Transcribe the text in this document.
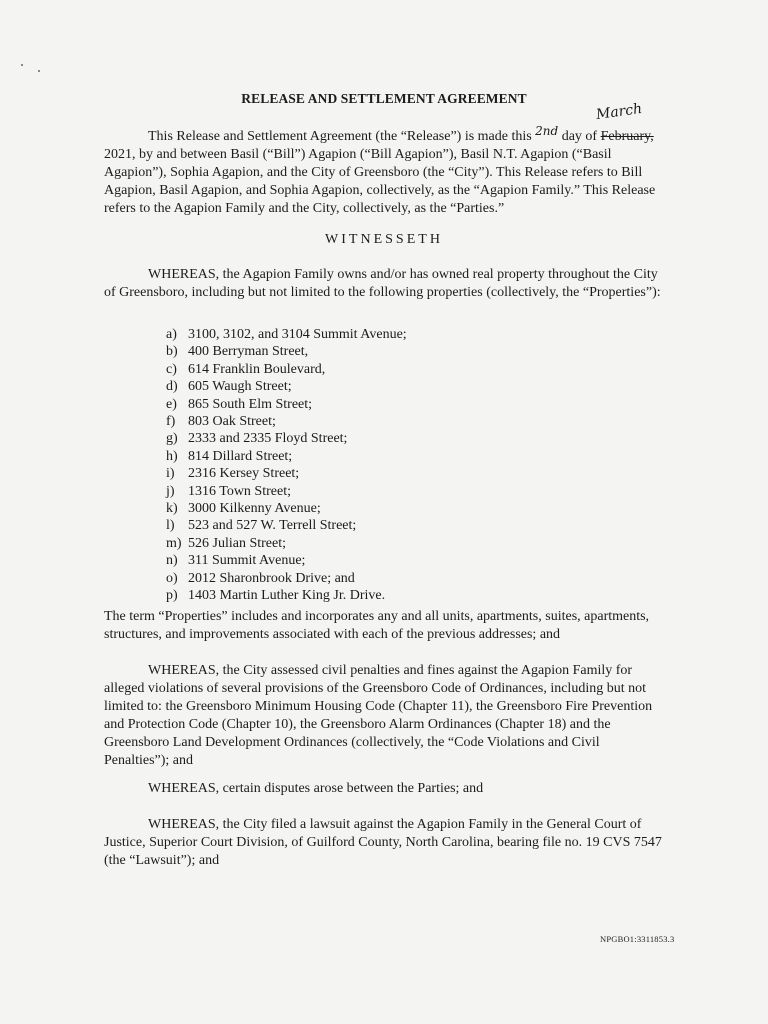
RELEASE AND SETTLEMENT AGREEMENT
March
This Release and Settlement Agreement (the “Release”) is made this 2nd day of February, 2021, by and between Basil (“Bill”) Agapion (“Bill Agapion”), Basil N.T. Agapion (“Basil Agapion”), Sophia Agapion, and the City of Greensboro (the “City”). This Release refers to Bill Agapion, Basil Agapion, and Sophia Agapion, collectively, as the “Agapion Family.” This Release refers to the Agapion Family and the City, collectively, as the “Parties.”
WITNESSETH
WHEREAS, the Agapion Family owns and/or has owned real property throughout the City of Greensboro, including but not limited to the following properties (collectively, the “Properties”):
a) 3100, 3102, and 3104 Summit Avenue;
b) 400 Berryman Street,
c) 614 Franklin Boulevard,
d) 605 Waugh Street;
e) 865 South Elm Street;
f) 803 Oak Street;
g) 2333 and 2335 Floyd Street;
h) 814 Dillard Street;
i) 2316 Kersey Street;
j) 1316 Town Street;
k) 3000 Kilkenny Avenue;
l) 523 and 527 W. Terrell Street;
m) 526 Julian Street;
n) 311 Summit Avenue;
o) 2012 Sharonbrook Drive; and
p) 1403 Martin Luther King Jr. Drive.
The term “Properties” includes and incorporates any and all units, apartments, suites, apartments, structures, and improvements associated with each of the previous addresses; and
WHEREAS, the City assessed civil penalties and fines against the Agapion Family for alleged violations of several provisions of the Greensboro Code of Ordinances, including but not limited to: the Greensboro Minimum Housing Code (Chapter 11), the Greensboro Fire Prevention and Protection Code (Chapter 10), the Greensboro Alarm Ordinances (Chapter 18) and the Greensboro Land Development Ordinances (collectively, the “Code Violations and Civil Penalties”); and
WHEREAS, certain disputes arose between the Parties; and
WHEREAS, the City filed a lawsuit against the Agapion Family in the General Court of Justice, Superior Court Division, of Guilford County, North Carolina, bearing file no. 19 CVS 7547 (the “Lawsuit”); and
NPGBO1:3311853.3
